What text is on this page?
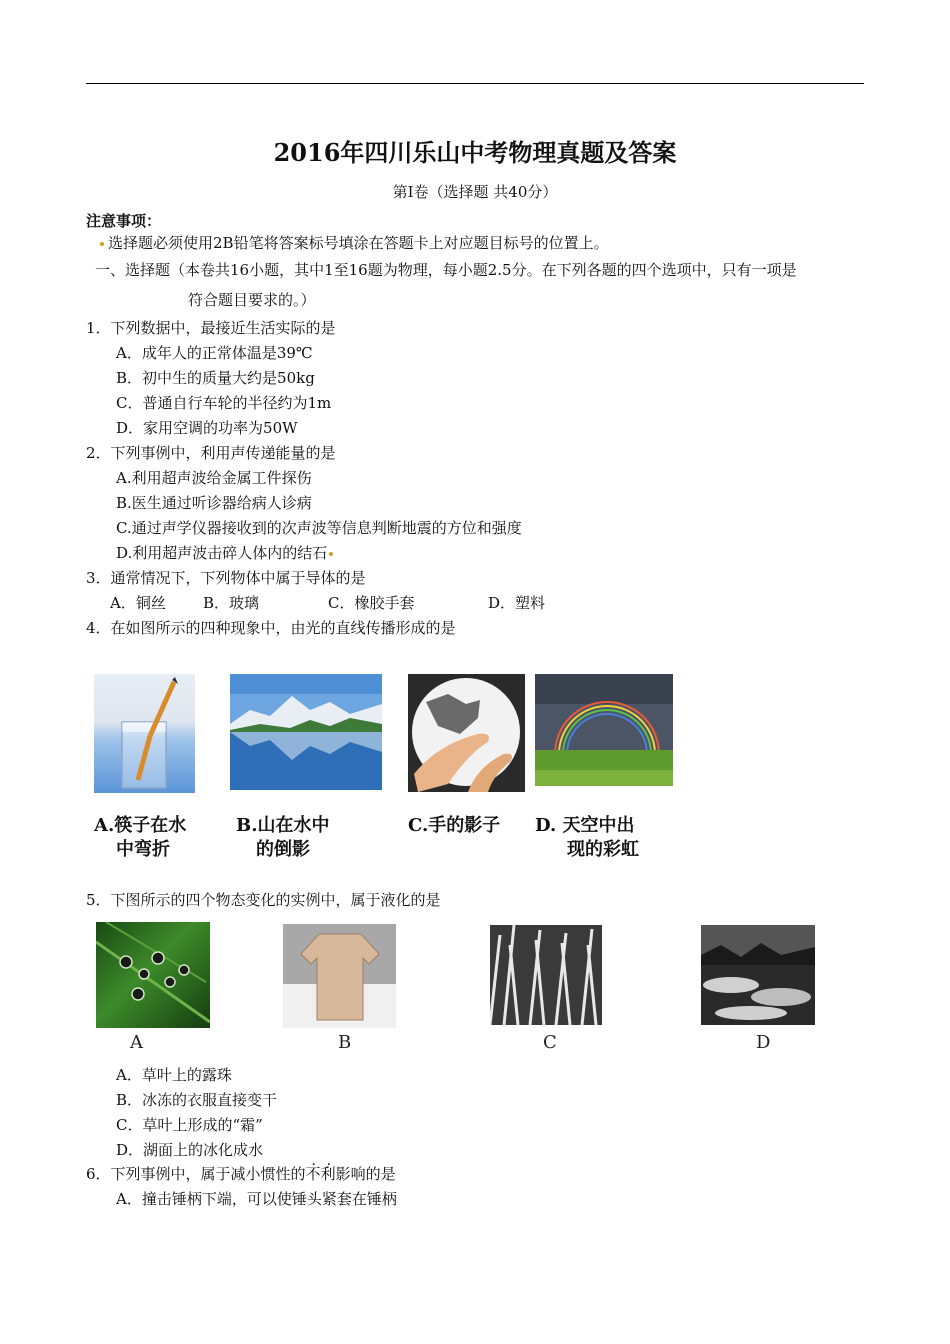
2016年四川乐山中考物理真题及答案
第Ⅰ卷（选择题 共40分）
注意事项：
选择题必须使用2B铅笔将答案标号填涂在答题卡上对应题目标号的位置上。
一、选择题（本卷共16小题，其中1至16题为物理，每小题2.5分。在下列各题的四个选项中，只有一项是
符合题目要求的。）
1．下列数据中，最接近生活实际的是
A．成年人的正常体温是39℃
B．初中生的质量大约是50kg
C．普通自行车轮的半径约为1m
D．家用空调的功率为50W
2．下列事例中，利用声传递能量的是
A.利用超声波给金属工件探伤
B.医生通过听诊器给病人诊病
C.通过声学仪器接收到的次声波等信息判断地震的方位和强度
D.利用超声波击碎人体内的结石
3．通常情况下，下列物体中属于导体的是
A．铜丝 B．玻璃	C．橡胶手套	D．塑料
4．在如图所示的四种现象中，由光的直线传播形成的是
A.筷子在水
中弯折
B.山在水中
的倒影
C.手的影子 D. 天空中出
现的彩虹
5．下图所示的四个物态变化的实例中，属于液化的是
A	B	C	D
A．草叶上的露珠
B．冰冻的衣服直接变干
C．草叶上形成的“霜”
D．湖面上的冰化成水
6．下列事例中，属于减小惯性的不利影响的是
A．撞击锤柄下端，可以使锤头紧套在锤柄
